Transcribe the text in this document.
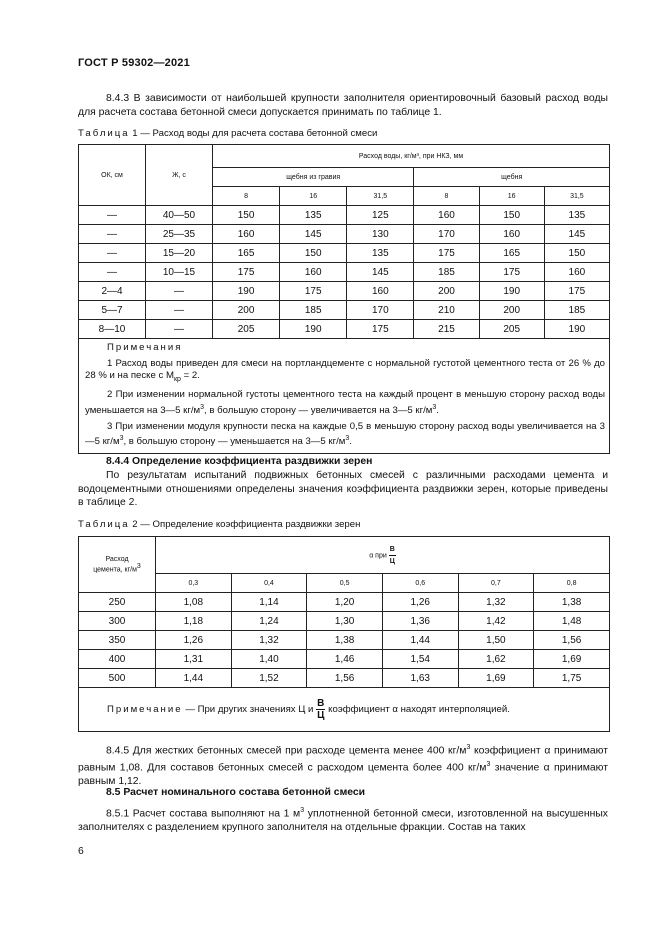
ГОСТ Р 59302—2021
8.4.3 В зависимости от наибольшей крупности заполнителя ориентировочный базовый расход воды для расчета состава бетонной смеси допускается принимать по таблице 1.
Таблица 1 — Расход воды для расчета состава бетонной смеси
ОК, см	Ж, с	Расход воды, кг/м³, при НКЗ, мм					
		щебня из гравия			щебня		
		8	16	31,5	8	16	31,5
—	40—50	150	135	125	160	150	135
—	25—35	160	145	130	170	160	145
—	15—20	165	150	135	175	165	150
—	10—15	175	160	145	185	175	160
2—4	—	190	175	160	200	190	175
5—7	—	200	185	170	210	200	185
8—10	—	205	190	175	215	205	190

Примечания
1 Расход воды приведен для смеси на портландцементе с нормальной густотой цементного теста от 26 % до 28 % и на песке с $M_{кр} = 2$.
2 При изменении нормальной густоты цементного теста на каждый процент в меньшую сторону расход воды уменьшается на 3—5 $кг/м^3$, в большую сторону — увеличивается на 3—5 $кг/м^3$.
3 При изменении модуля крупности песка на каждые 0,5 в меньшую сторону расход воды увеличивается на 3—5 $кг/м^3$, в большую сторону — уменьшается на 3—5 $кг/м^3$.							
8.4.4 Определение коэффициента раздвижки зерен
По результатам испытаний подвижных бетонных смесей с различными расходами цемента и водоцементными отношениями определены значения коэффициента раздвижки зерен, которые приведены в таблице 2.
Таблица 2 — Определение коэффициента раздвижки зерен
Расход
цемента, $кг/м^3$	α при $\frac{В}{Ц}$

	0,3	0,4	0,5	0,6	0,7	0,8
250	1,08	1,14	1,20	1,26	1,32	1,38
300	1,18	1,24	1,30	1,36	1,42	1,48
350	1,26	1,32	1,38	1,44	1,50	1,56
400	1,31	1,40	1,46	1,54	1,62	1,69
500	1,44	1,52	1,56	1,63	1,69	1,75
Примечание — При других значениях Ц и $\frac{В}{Ц}$ коэффициент α находят интерполяцией.						
8.4.5 Для жестких бетонных смесей при расходе цемента менее 400 $кг/м^3$ коэффициент α принимают равным 1,08. Для составов бетонных смесей с расходом цемента более 400 $кг/м^3$ значение α принимают равным 1,12.
8.5 Расчет номинального состава бетонной смеси
8.5.1 Расчет состава выполняют на 1 $м^3$ уплотненной бетонной смеси, изготовленной на высушенных заполнителях с разделением крупного заполнителя на отдельные фракции. Состав на таких
6
